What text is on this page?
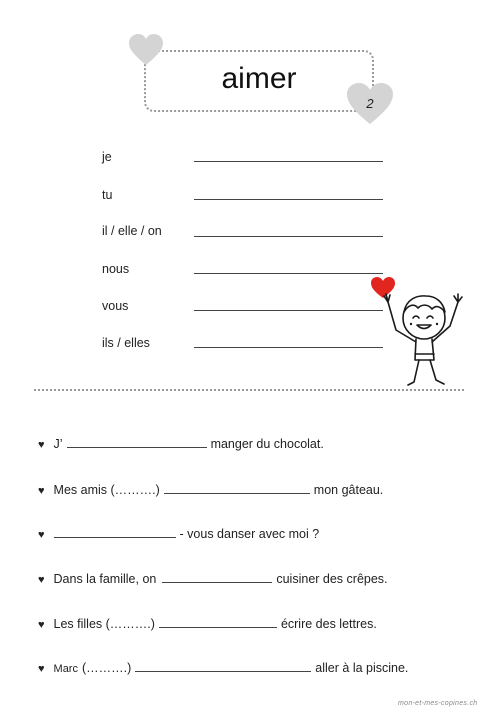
aimer
2
je
tu
il / elle / on
nous
vous
ils / elles
♥ J’	manger du chocolat.
♥ Mes amis (……….)	mon gâteau.
♥	- vous danser avec moi ?
♥ Dans la famille, on	cuisiner des crêpes.
♥ Les filles (……….)	écrire des lettres.
♥ Marc (……….)	aller à la piscine.
mon-et-mes-copines.ch
